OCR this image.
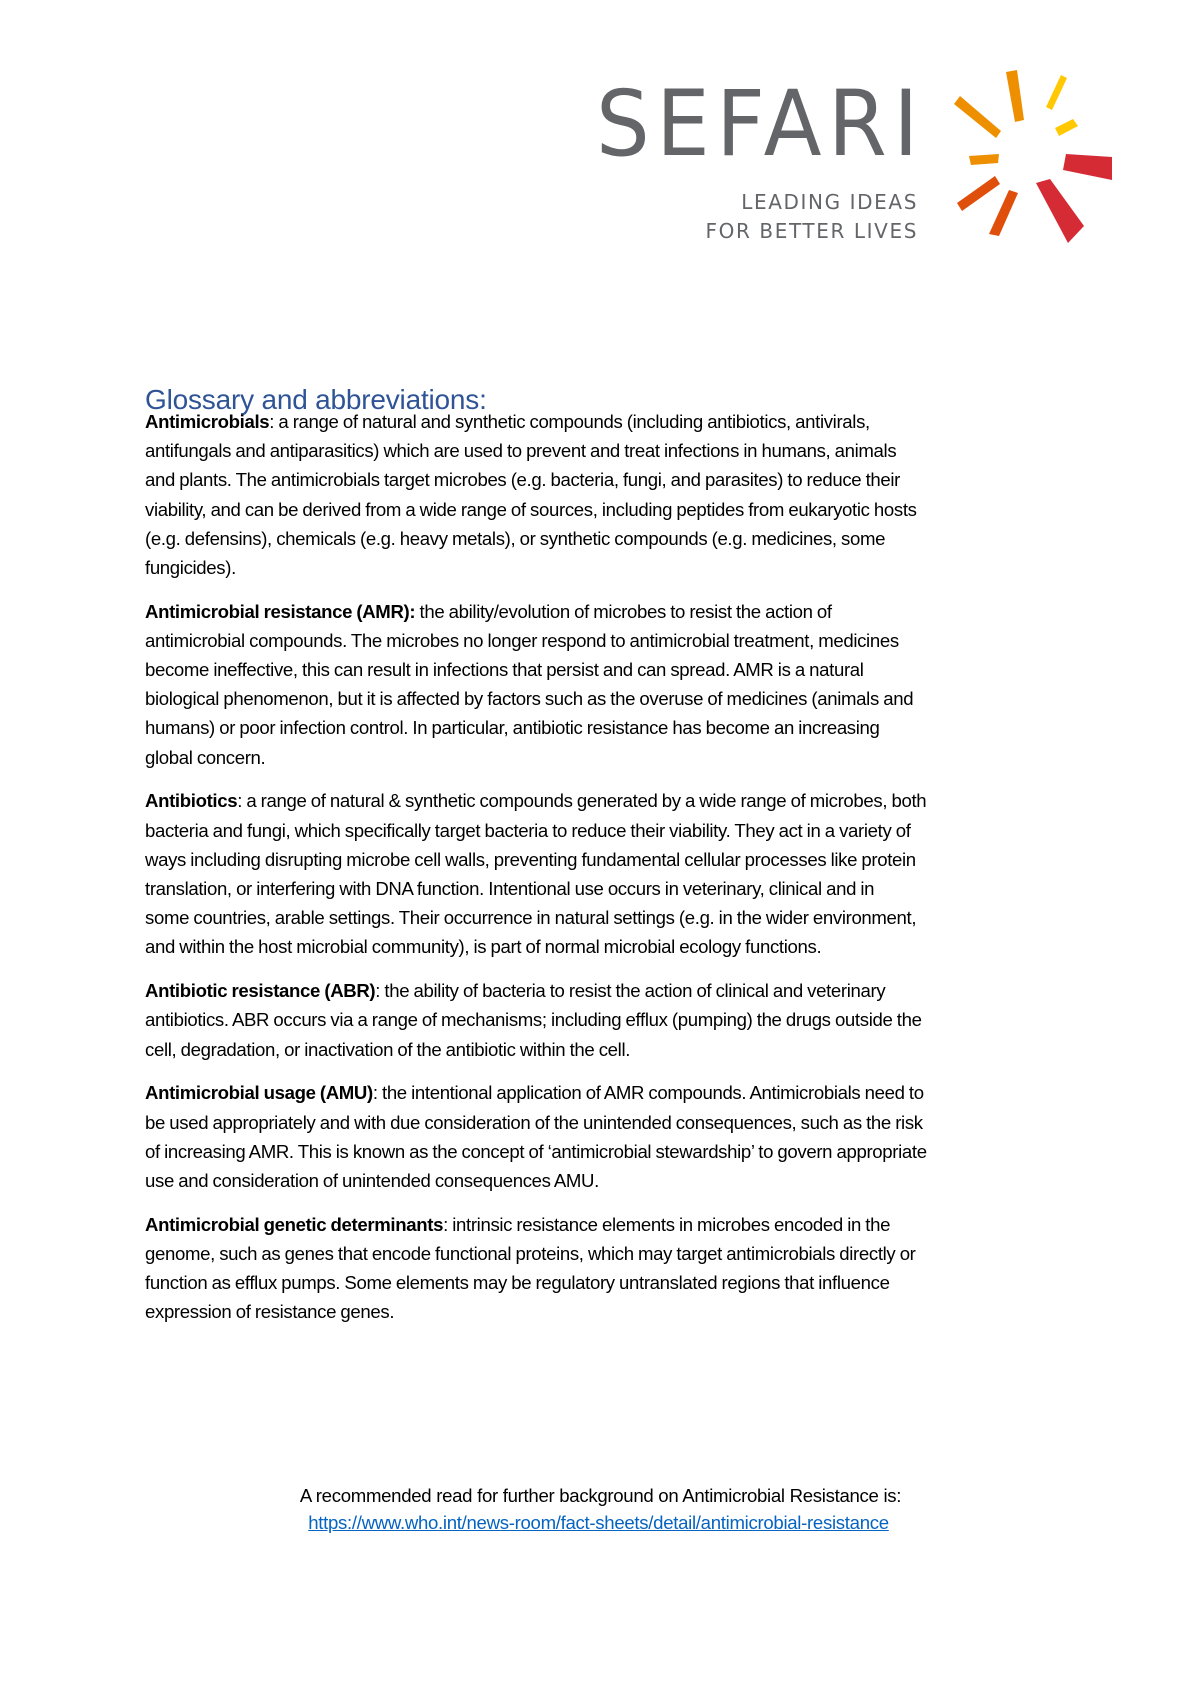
SEFARI
LEADING IDEAS
FOR BETTER LIVES
Glossary and abbreviations:
Antimicrobials: a range of natural and synthetic compounds (including antibiotics, antivirals,
antifungals and antiparasitics) which are used to prevent and treat infections in humans, animals
and plants. The antimicrobials target microbes (e.g. bacteria, fungi, and parasites) to reduce their
viability, and can be derived from a wide range of sources, including peptides from eukaryotic hosts
(e.g. defensins), chemicals (e.g. heavy metals), or synthetic compounds (e.g. medicines, some
fungicides).
Antimicrobial resistance (AMR): the ability/evolution of microbes to resist the action of
antimicrobial compounds. The microbes no longer respond to antimicrobial treatment, medicines
become ineffective, this can result in infections that persist and can spread. AMR is a natural
biological phenomenon, but it is affected by factors such as the overuse of medicines (animals and
humans) or poor infection control. In particular, antibiotic resistance has become an increasing
global concern.
Antibiotics: a range of natural & synthetic compounds generated by a wide range of microbes, both
bacteria and fungi, which specifically target bacteria to reduce their viability. They act in a variety of
ways including disrupting microbe cell walls, preventing fundamental cellular processes like protein
translation, or interfering with DNA function. Intentional use occurs in veterinary, clinical and in
some countries, arable settings. Their occurrence in natural settings (e.g. in the wider environment,
and within the host microbial community), is part of normal microbial ecology functions.
Antibiotic resistance (ABR): the ability of bacteria to resist the action of clinical and veterinary
antibiotics. ABR occurs via a range of mechanisms; including efflux (pumping) the drugs outside the
cell, degradation, or inactivation of the antibiotic within the cell.
Antimicrobial usage (AMU): the intentional application of AMR compounds. Antimicrobials need to
be used appropriately and with due consideration of the unintended consequences, such as the risk
of increasing AMR. This is known as the concept of ‘antimicrobial stewardship’ to govern appropriate
use and consideration of unintended consequences AMU.
Antimicrobial genetic determinants: intrinsic resistance elements in microbes encoded in the
genome, such as genes that encode functional proteins, which may target antimicrobials directly or
function as efflux pumps. Some elements may be regulatory untranslated regions that influence
expression of resistance genes.
A recommended read for further background on Antimicrobial Resistance is:
https://www.who.int/news-room/fact-sheets/detail/antimicrobial-resistance
